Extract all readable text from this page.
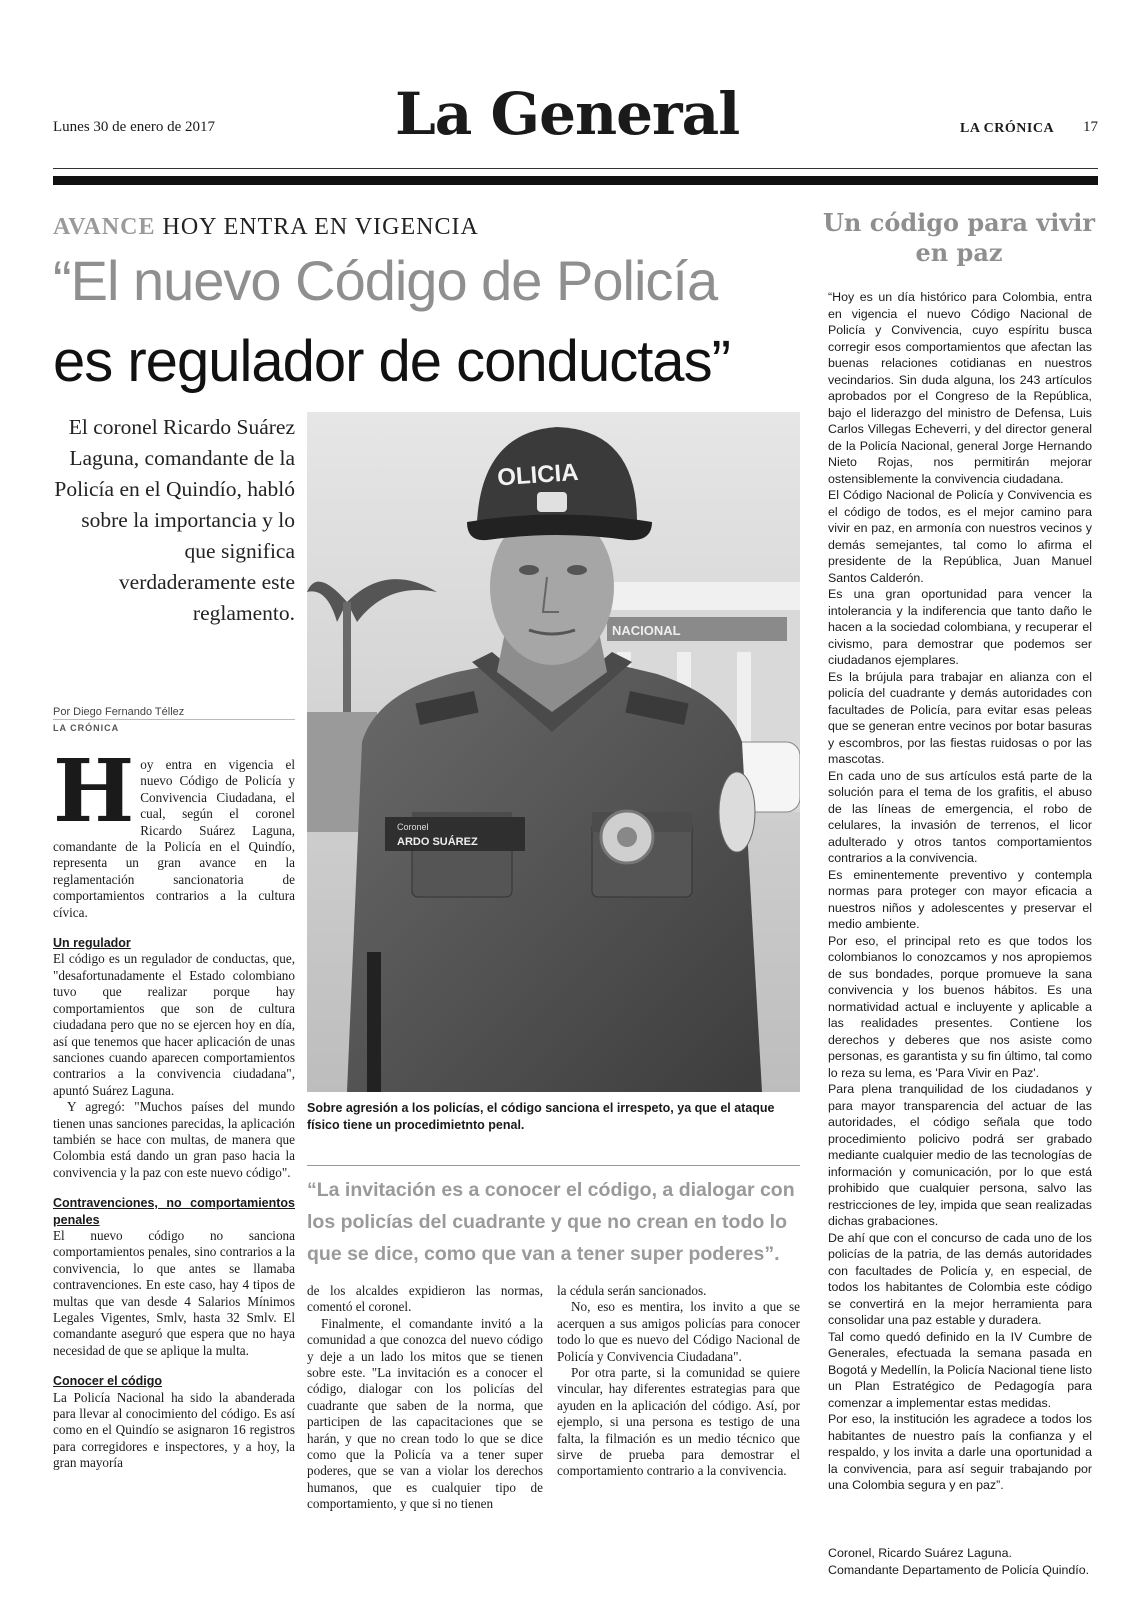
Lunes 30 de enero de 2017	La General	LA CRÓNICA 17
AVANCE HOY ENTRA EN VIGENCIA
“El nuevo Código de Policía
es regulador de conductas”
El coronel Ricardo Suárez Laguna, comandante de la Policía en el Quindío, habló sobre la importancia y lo que significa verdaderamente este reglamento.
Por Diego Fernando Téllez
LA CRÓNICA
NACIONAL
Coronel
ARDO SUÁREZ
OLICIA
Sobre agresión a los policías, el código sanciona el irrespeto, ya que el ataque físico tiene un procedimietnto penal.
H oy entra en vigencia el nuevo Código de Policía y Convivencia Ciudadana, el cual, según el coronel Ricardo Suárez Laguna, comandante de la Policía en el Quindío, representa un gran avance en la reglamentación sancionatoria de comportamientos contrarios a la cultura cívica.
Un regulador
El código es un regulador de conductas, que, "desafortunadamente el Estado colombiano tuvo que realizar porque hay comportamientos que son de cultura ciudadana pero que no se ejercen hoy en día, así que tenemos que hacer aplicación de unas sanciones cuando aparecen comportamientos contrarios a la convivencia ciudadana", apuntó Suárez Laguna.
Y agregó: "Muchos países del mundo tienen unas sanciones parecidas, la aplicación también se hace con multas, de manera que Colombia está dando un gran paso hacia la convivencia y la paz con este nuevo código".
Contravenciones, no comportamientos penales
El nuevo código no sanciona comportamientos penales, sino contrarios a la convivencia, lo que antes se llamaba contravenciones. En este caso, hay 4 tipos de multas que van desde 4 Salarios Mínimos Legales Vigentes, Smlv, hasta 32 Smlv. El comandante aseguró que espera que no haya necesidad de que se aplique la multa.
Conocer el código
La Policía Nacional ha sido la abanderada para llevar al conocimiento del código. Es así como en el Quindío se asignaron 16 registros para corregidores e inspectores, y a hoy, la gran mayoría
“La invitación es a conocer el código, a dialogar con los policías del cuadrante y que no crean en todo lo que se dice, como que van a tener super poderes”.
de los alcaldes expidieron las normas, comentó el coronel.
Finalmente, el comandante invitó a la comunidad a que conozca del nuevo código y deje a un lado los mitos que se tienen sobre este. "La invitación es a conocer el código, dialogar con los policías del cuadrante que saben de la norma, que participen de las capacitaciones que se harán, y que no crean todo lo que se dice como que la Policía va a tener super poderes, que se van a violar los derechos humanos, que es cualquier tipo de comportamiento, y que si no tienen
la cédula serán sancionados.
No, eso es mentira, los invito a que se acerquen a sus amigos policías para conocer todo lo que es nuevo del Código Nacional de Policía y Convivencia Ciudadana".
Por otra parte, si la comunidad se quiere vincular, hay diferentes estrategias para que ayuden en la aplicación del código. Así, por ejemplo, si una persona es testigo de una falta, la filmación es un medio técnico que sirve de prueba para demostrar el comportamiento contrario a la convivencia.
Un código para vivir en paz

“Hoy es un día histórico para Colombia, entra en vigencia el nuevo Código Nacional de Policía y Convivencia, cuyo espíritu busca corregir esos comportamientos que afectan las buenas relaciones cotidianas en nuestros vecindarios. Sin duda alguna, los 243 artículos aprobados por el Congreso de la República, bajo el liderazgo del ministro de Defensa, Luis Carlos Villegas Echeverri, y del director general de la Policía Nacional, general Jorge Hernando Nieto Rojas, nos permitirán mejorar ostensiblemente la convivencia ciudadana.

El Código Nacional de Policía y Convivencia es el código de todos, es el mejor camino para vivir en paz, en armonía con nuestros vecinos y demás semejantes, tal como lo afirma el presidente de la República, Juan Manuel Santos Calderón.

Es una gran oportunidad para vencer la intolerancia y la indiferencia que tanto daño le hacen a la sociedad colombiana, y recuperar el civismo, para demostrar que podemos ser ciudadanos ejemplares.

Es la brújula para trabajar en alianza con el policía del cuadrante y demás autoridades con facultades de Policía, para evitar esas peleas que se generan entre vecinos por botar basuras y escombros, por las fiestas ruidosas o por las mascotas.

En cada uno de sus artículos está parte de la solución para el tema de los grafitis, el abuso de las líneas de emergencia, el robo de celulares, la invasión de terrenos, el licor adulterado y otros tantos comportamientos contrarios a la convivencia.

Es eminentemente preventivo y contempla normas para proteger con mayor eficacia a nuestros niños y adolescentes y preservar el medio ambiente.

Por eso, el principal reto es que todos los colombianos lo conozcamos y nos apropiemos de sus bondades, porque promueve la sana convivencia y los buenos hábitos. Es una normatividad actual e incluyente y aplicable a las realidades presentes. Contiene los derechos y deberes que nos asiste como personas, es garantista y su fin último, tal como lo reza su lema, es 'Para Vivir en Paz'.

Para plena tranquilidad de los ciudadanos y para mayor transparencia del actuar de las autoridades, el código señala que todo procedimiento policivo podrá ser grabado mediante cualquier medio de las tecnologías de información y comunicación, por lo que está prohibido que cualquier persona, salvo las restricciones de ley, impida que sean realizadas dichas grabaciones.

De ahí que con el concurso de cada uno de los policías de la patria, de las demás autoridades con facultades de Policía y, en especial, de todos los habitantes de Colombia este código se convertirá en la mejor herramienta para consolidar una paz estable y duradera.

Tal como quedó definido en la IV Cumbre de Generales, efectuada la semana pasada en Bogotá y Medellín, la Policía Nacional tiene listo un Plan Estratégico de Pedagogía para comenzar a implementar estas medidas.

Por eso, la institución les agradece a todos los habitantes de nuestro país la confianza y el respaldo, y los invita a darle una oportunidad a la convivencia, para así seguir trabajando por una Colombia segura y en paz”.

Coronel, Ricardo Suárez Laguna.
Comandante Departamento de Policía Quindío.
